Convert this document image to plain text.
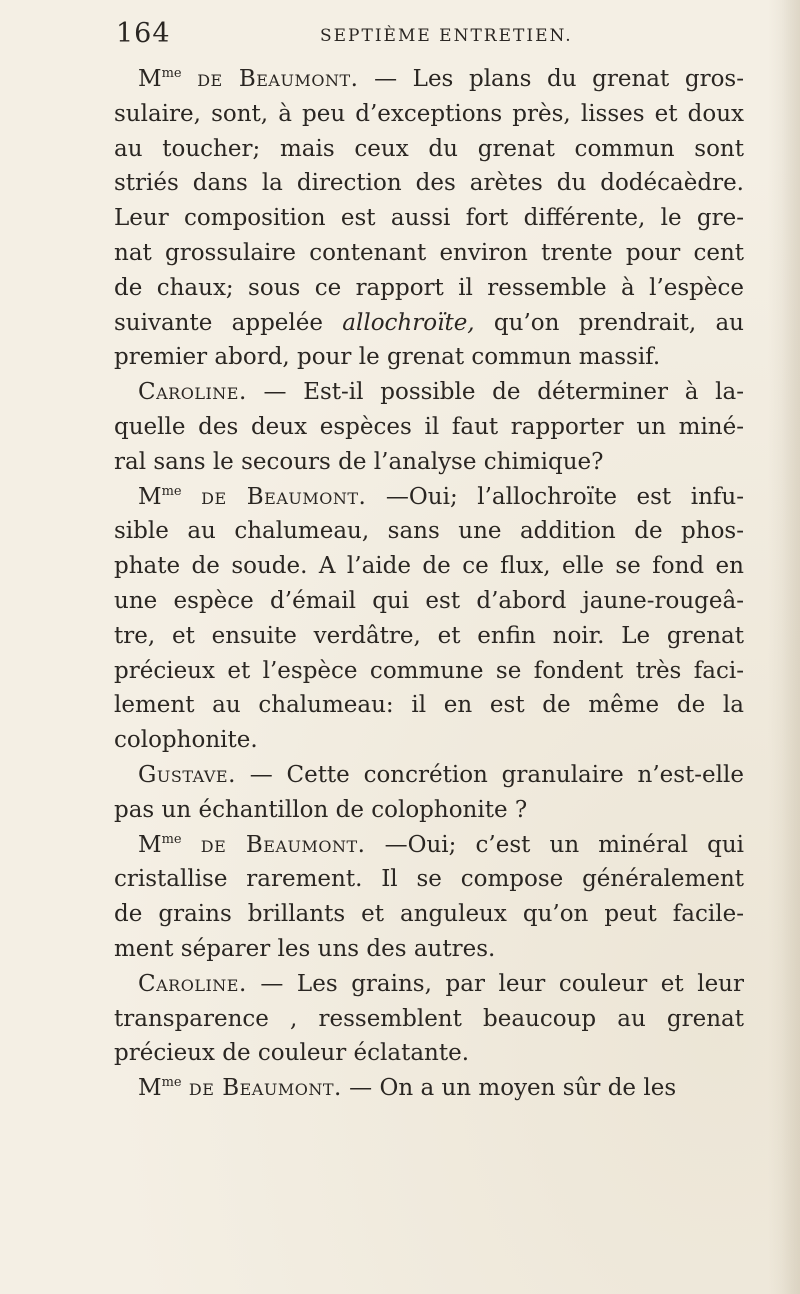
164	SEPTIÈME ENTRETIEN.
$M^{me}$ de Beaumont. — Les plans du grenat gros-
sulaire, sont, à peu d’exceptions près, lisses et doux
au toucher; mais ceux du grenat commun sont
striés dans la direction des arètes du dodécaèdre.
Leur composition est aussi fort différente, le gre-
nat grossulaire contenant environ trente pour cent
de chaux; sous ce rapport il ressemble à l’espèce
suivante appelée allochroïte, qu’on prendrait, au
premier abord, pour le grenat commun massif.
Caroline. — Est-il possible de déterminer à la-
quelle des deux espèces il faut rapporter un miné-
ral sans le secours de l’analyse chimique?
$M^{me}$ de Beaumont. —Oui; l’allochroïte est infu-
sible au chalumeau, sans une addition de phos-
phate de soude. A l’aide de ce flux, elle se fond en
une espèce d’émail qui est d’abord jaune-rougeâ-
tre, et ensuite verdâtre, et enfin noir. Le grenat
précieux et l’espèce commune se fondent très faci-
lement au chalumeau: il en est de même de la
colophonite.
Gustave. — Cette concrétion granulaire n’est-elle
pas un échantillon de colophonite ?
$M^{me}$ de Beaumont. —Oui; c’est un minéral qui
cristallise rarement. Il se compose généralement
de grains brillants et anguleux qu’on peut facile-
ment séparer les uns des autres.
Caroline. — Les grains, par leur couleur et leur
transparence , ressemblent beaucoup au grenat
précieux de couleur éclatante.
$M^{me}$ de Beaumont. — On a un moyen sûr de les
